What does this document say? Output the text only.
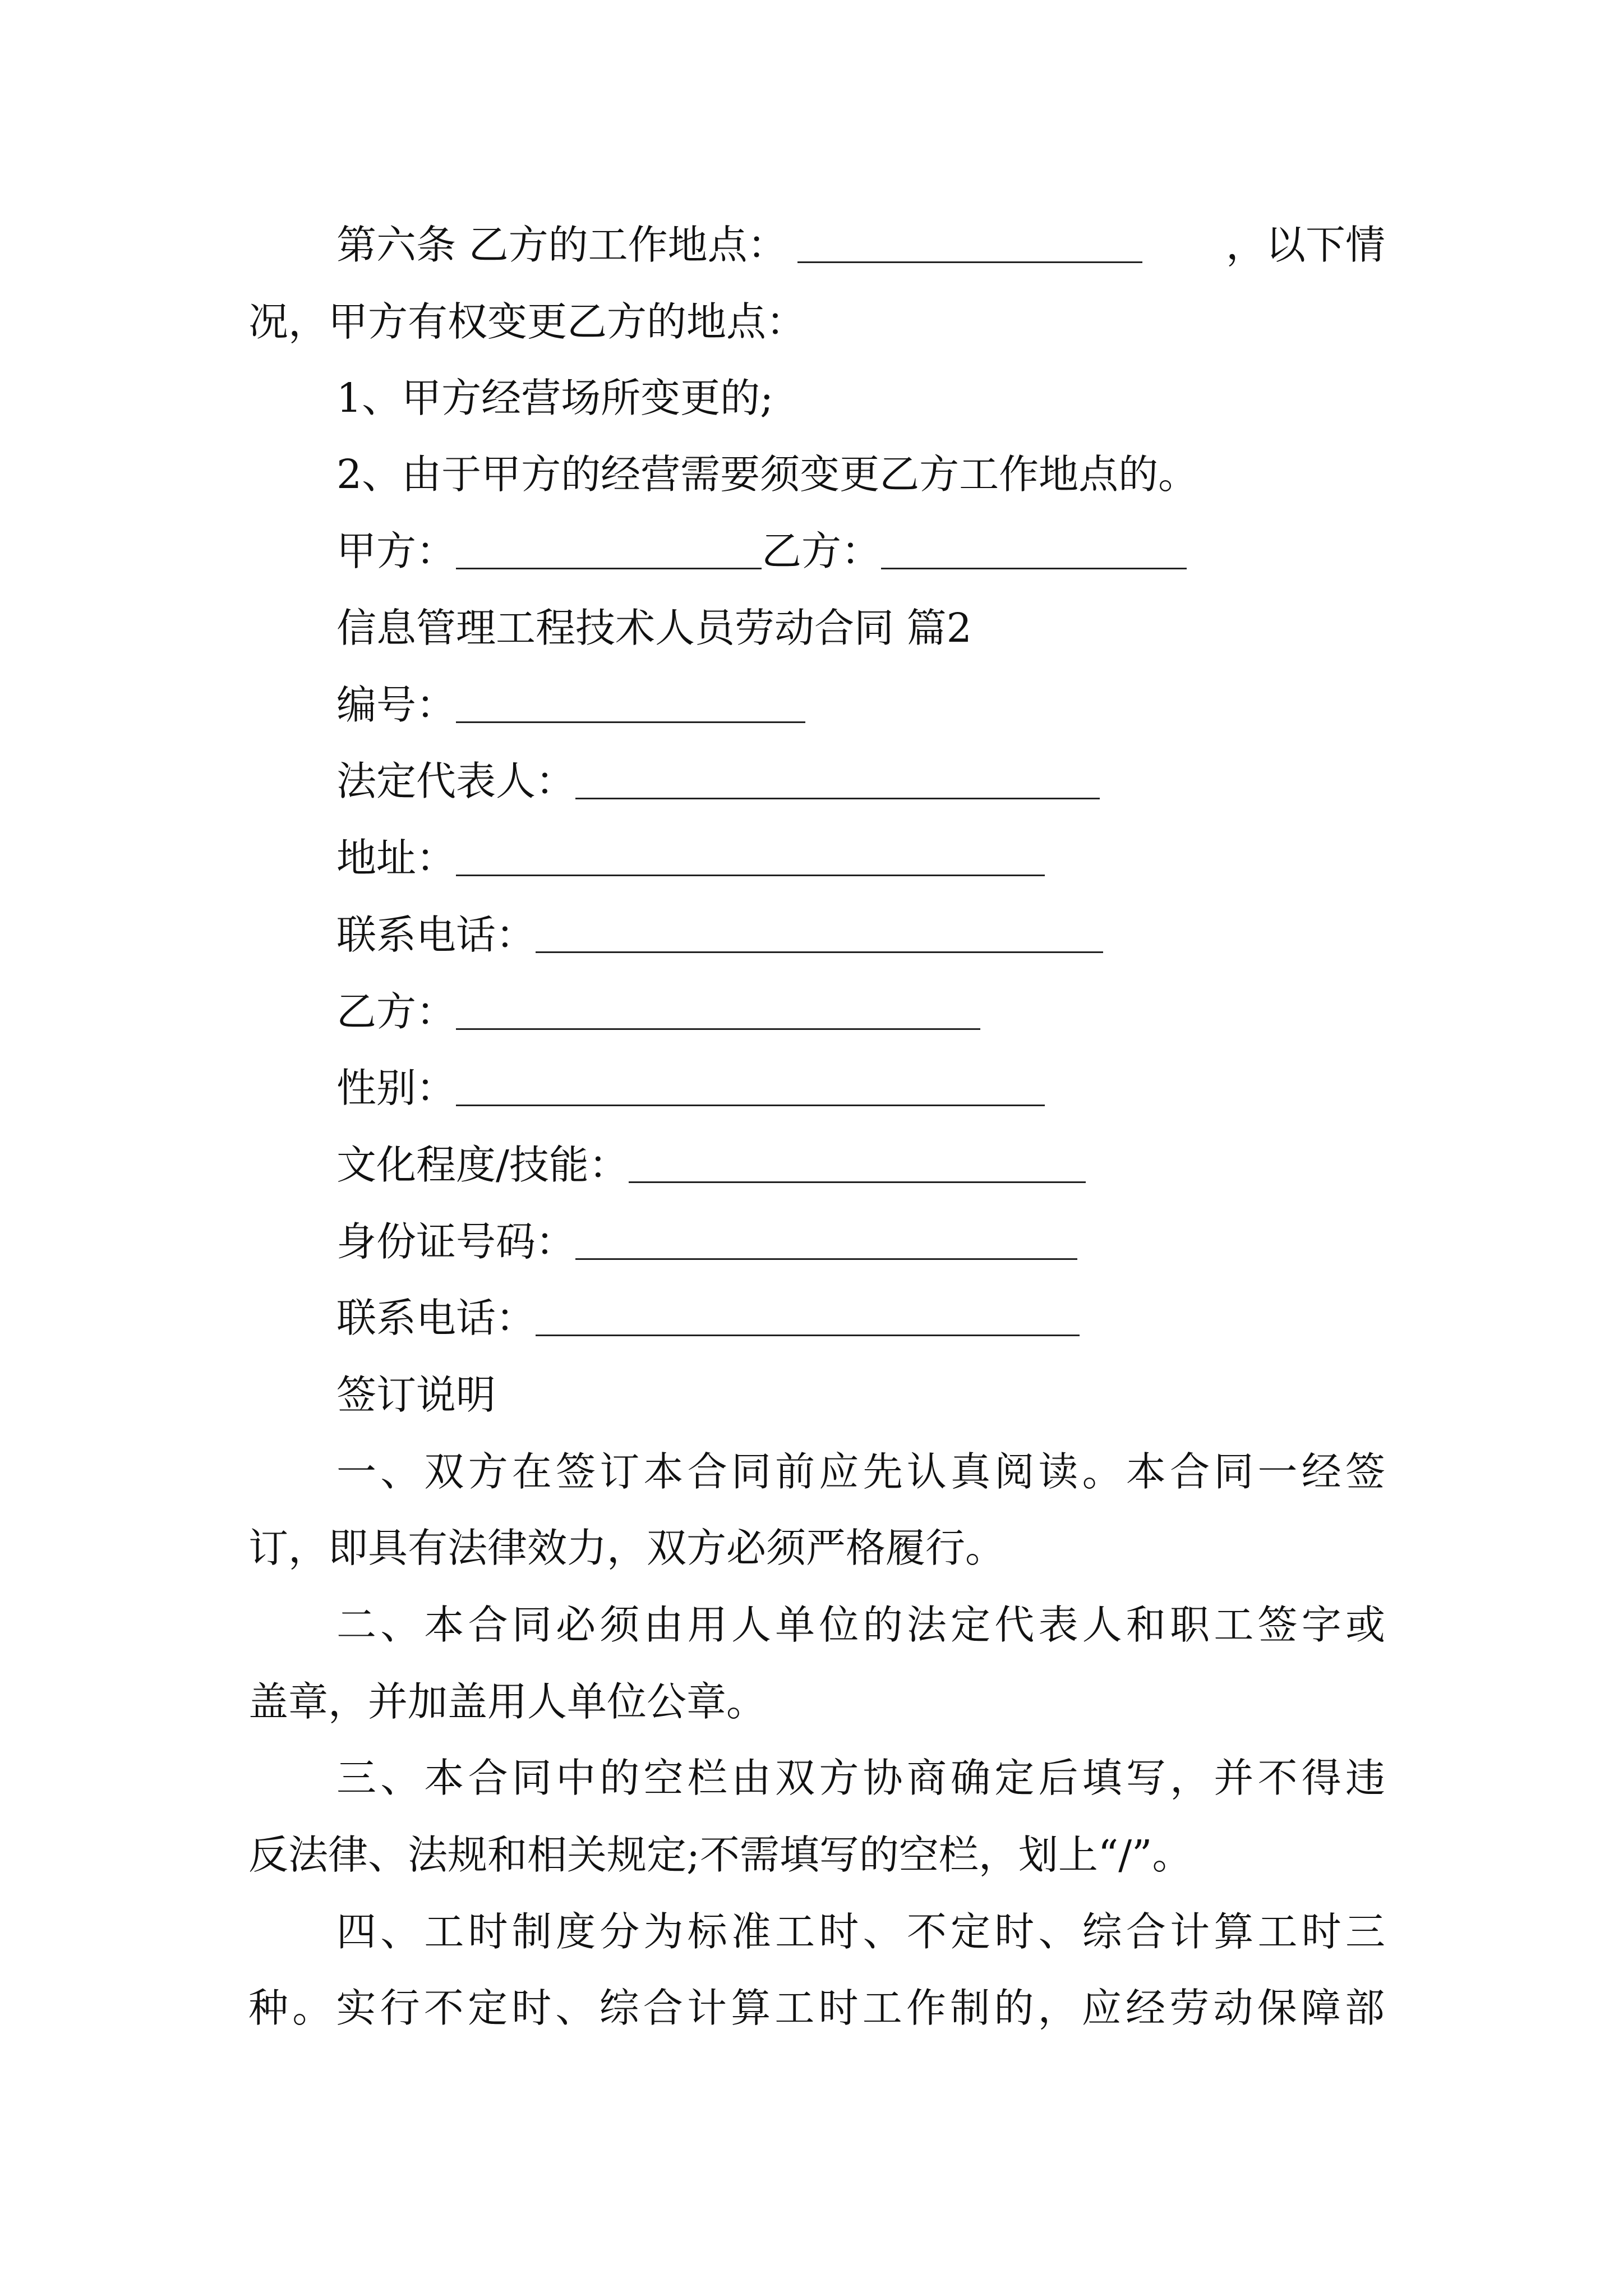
第六条 乙方的工作地点：	，以下情
况，甲方有权变更乙方的地点：
1、甲方经营场所变更的;
2、由于甲方的经营需要须变更乙方工作地点的。
甲方：	乙方：
信息管理工程技术人员劳动合同 篇2
编号：
法定代表人：
地址：
联系电话：
乙方：
性别：
文化程度/技能：
身份证号码：
联系电话：
签订说明
一、双方在签订本合同前应先认真阅读。本合同一经签
订，即具有法律效力，双方必须严格履行。
二、本合同必须由用人单位的法定代表人和职工签字或
盖章，并加盖用人单位公章。
三、本合同中的空栏由双方协商确定后填写，并不得违
反法律、法规和相关规定;不需填写的空栏，划上“/”。
四、工时制度分为标准工时、不定时、综合计算工时三
种。实行不定时、综合计算工时工作制的，应经劳动保障部
